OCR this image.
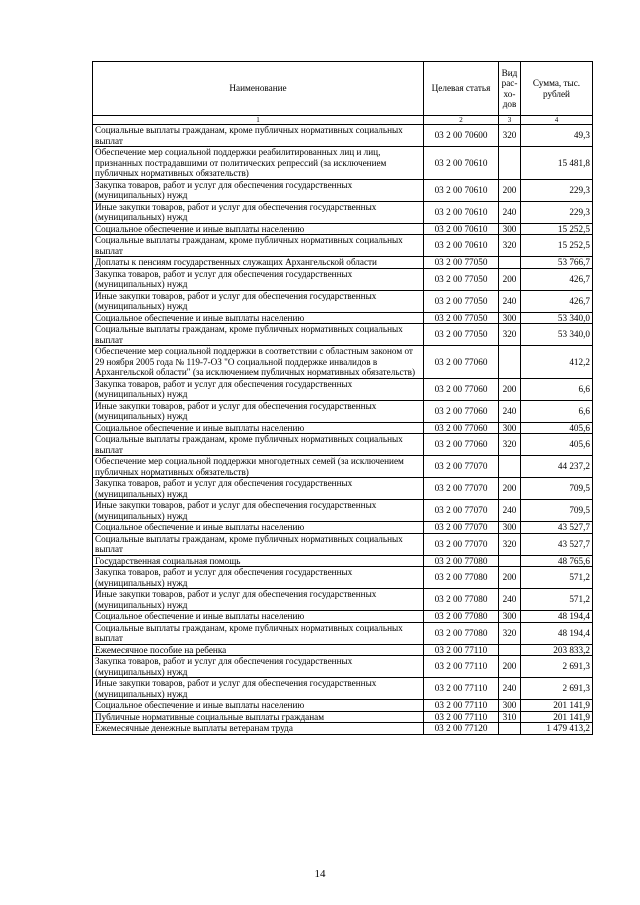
Наименование	Целевая статья	Вид рас-хо-дов	Сумма, тыс. рублей
1	2	3	4
Социальные выплаты гражданам, кроме публичных нормативных социальных выплат	03 2 00 70600	320	49,3
Обеспечение мер социальной поддержки реабилитированных лиц и лиц, признанных пострадавшими от политических репрессий (за исключением публичных нормативных обязательств)	03 2 00 70610		15 481,8
Закупка товаров, работ и услуг для обеспечения государственных (муниципальных) нужд	03 2 00 70610	200	229,3
Иные закупки товаров, работ и услуг для обеспечения государственных (муниципальных) нужд	03 2 00 70610	240	229,3
Социальное обеспечение и иные выплаты населению	03 2 00 70610	300	15 252,5
Социальные выплаты гражданам, кроме публичных нормативных социальных выплат	03 2 00 70610	320	15 252,5
Доплаты к пенсиям государственных служащих Архангельской области	03 2 00 77050		53 766,7
Закупка товаров, работ и услуг для обеспечения государственных (муниципальных) нужд	03 2 00 77050	200	426,7
Иные закупки товаров, работ и услуг для обеспечения государственных (муниципальных) нужд	03 2 00 77050	240	426,7
Социальное обеспечение и иные выплаты населению	03 2 00 77050	300	53 340,0
Социальные выплаты гражданам, кроме публичных нормативных социальных выплат	03 2 00 77050	320	53 340,0
Обеспечение мер социальной поддержки в соответствии с областным законом от 29 ноября 2005 года № 119-7-ОЗ "О социальной поддержке инвалидов в Архангельской области" (за исключением публичных нормативных обязательств)	03 2 00 77060		412,2
Закупка товаров, работ и услуг для обеспечения государственных (муниципальных) нужд	03 2 00 77060	200	6,6
Иные закупки товаров, работ и услуг для обеспечения государственных (муниципальных) нужд	03 2 00 77060	240	6,6
Социальное обеспечение и иные выплаты населению	03 2 00 77060	300	405,6
Социальные выплаты гражданам, кроме публичных нормативных социальных выплат	03 2 00 77060	320	405,6
Обеспечение мер социальной поддержки многодетных семей (за исключением публичных нормативных обязательств)	03 2 00 77070		44 237,2
Закупка товаров, работ и услуг для обеспечения государственных (муниципальных) нужд	03 2 00 77070	200	709,5
Иные закупки товаров, работ и услуг для обеспечения государственных (муниципальных) нужд	03 2 00 77070	240	709,5
Социальное обеспечение и иные выплаты населению	03 2 00 77070	300	43 527,7
Социальные выплаты гражданам, кроме публичных нормативных социальных выплат	03 2 00 77070	320	43 527,7
Государственная социальная помощь	03 2 00 77080		48 765,6
Закупка товаров, работ и услуг для обеспечения государственных (муниципальных) нужд	03 2 00 77080	200	571,2
Иные закупки товаров, работ и услуг для обеспечения государственных (муниципальных) нужд	03 2 00 77080	240	571,2
Социальное обеспечение и иные выплаты населению	03 2 00 77080	300	48 194,4
Социальные выплаты гражданам, кроме публичных нормативных социальных выплат	03 2 00 77080	320	48 194,4
Ежемесячное пособие на ребенка	03 2 00 77110		203 833,2
Закупка товаров, работ и услуг для обеспечения государственных (муниципальных) нужд	03 2 00 77110	200	2 691,3
Иные закупки товаров, работ и услуг для обеспечения государственных (муниципальных) нужд	03 2 00 77110	240	2 691,3
Социальное обеспечение и иные выплаты населению	03 2 00 77110	300	201 141,9
Публичные нормативные социальные выплаты гражданам	03 2 00 77110	310	201 141,9
Ежемесячные денежные выплаты ветеранам труда	03 2 00 77120		1 479 413,2
14
